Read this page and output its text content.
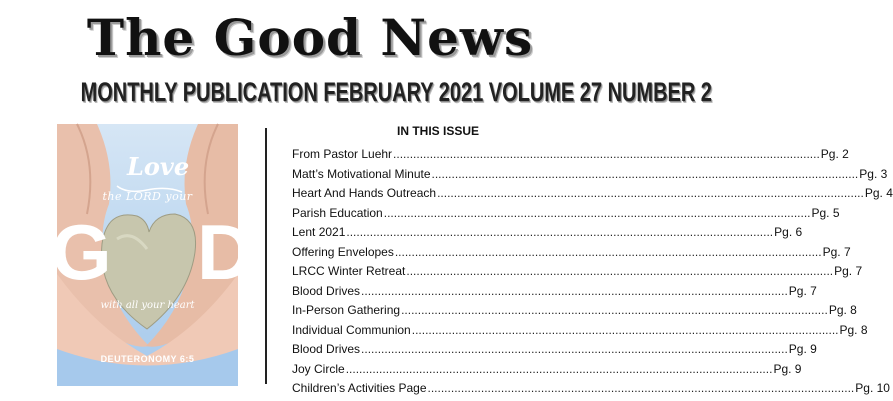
The Good News
MONTHLY PUBLICATION FEBRUARY 2021 VOLUME 27 NUMBER 2
Love
the LORD your
G D
with all your heart
DEUTERONOMY 6:5
IN THIS ISSUE
From Pastor Luehr .....	Pg. 2
Matt’s Motivational Minute .....	Pg. 3
Heart And Hands Outreach .....	Pg. 4
Parish Education .....	Pg. 5
Lent 2021 .....	Pg. 6
Offering Envelopes .....	Pg. 7
LRCC Winter Retreat .....	Pg. 7
Blood Drives .....	Pg. 7
In-Person Gathering .....	Pg. 8
Individual Communion .....	Pg. 8
Blood Drives .....	Pg. 9
Joy Circle .....	Pg. 9
Children’s Activities Page .....	Pg. 10
